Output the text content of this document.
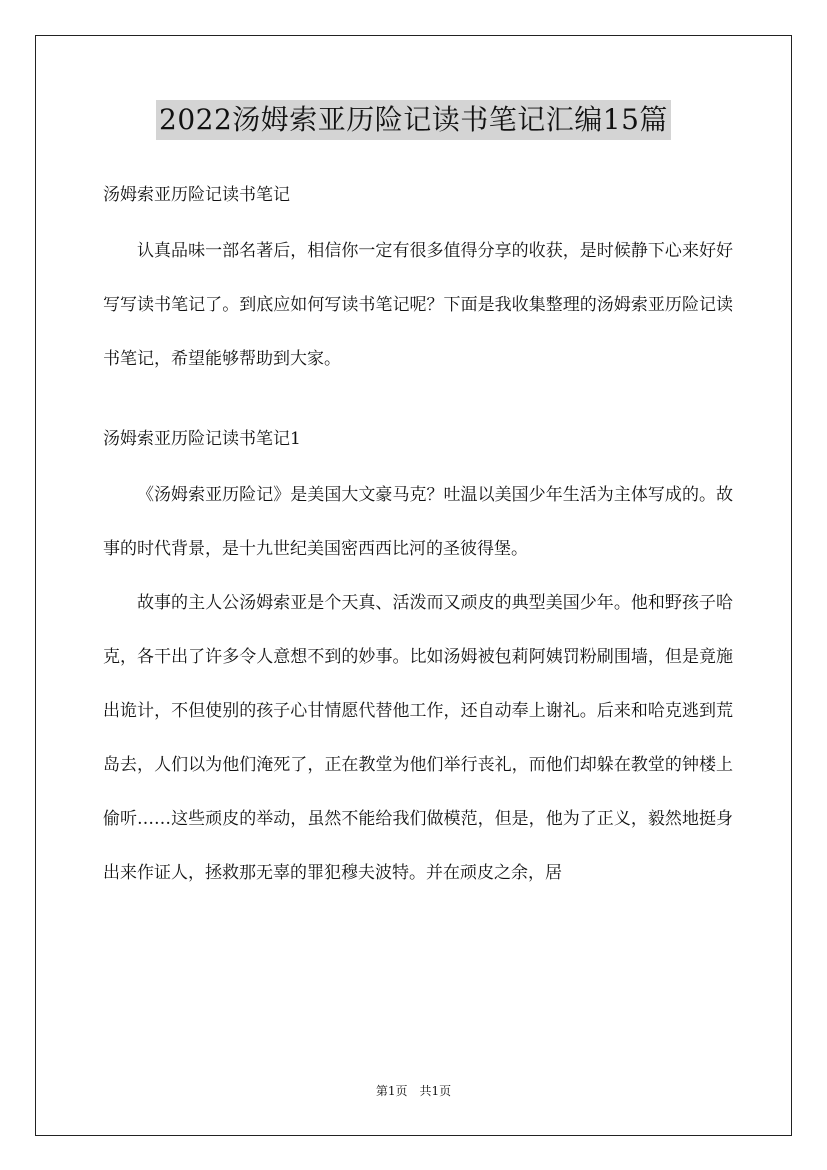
2022汤姆索亚历险记读书笔记汇编15篇

汤姆索亚历险记读书笔记

认真品味一部名著后，相信你一定有很多值得分享的收获，是时候静下心来好好写写读书笔记了。到底应如何写读书笔记呢？下面是我收集整理的汤姆索亚历险记读书笔记，希望能够帮助到大家。

汤姆索亚历险记读书笔记1

《汤姆索亚历险记》是美国大文豪马克？吐温以美国少年生活为主体写成的。故事的时代背景，是十九世纪美国密西西比河的圣彼得堡。

故事的主人公汤姆索亚是个天真、活泼而又顽皮的典型美国少年。他和野孩子哈克，各干出了许多令人意想不到的妙事。比如汤姆被包莉阿姨罚粉刷围墙，但是竟施出诡计，不但使别的孩子心甘情愿代替他工作，还自动奉上谢礼。后来和哈克逃到荒岛去，人们以为他们淹死了，正在教堂为他们举行丧礼，而他们却躲在教堂的钟楼上偷听……这些顽皮的举动，虽然不能给我们做模范，但是，他为了正义，毅然地挺身出来作证人，拯救那无辜的罪犯穆夫波特。并在顽皮之余，居

第1页　共1页
